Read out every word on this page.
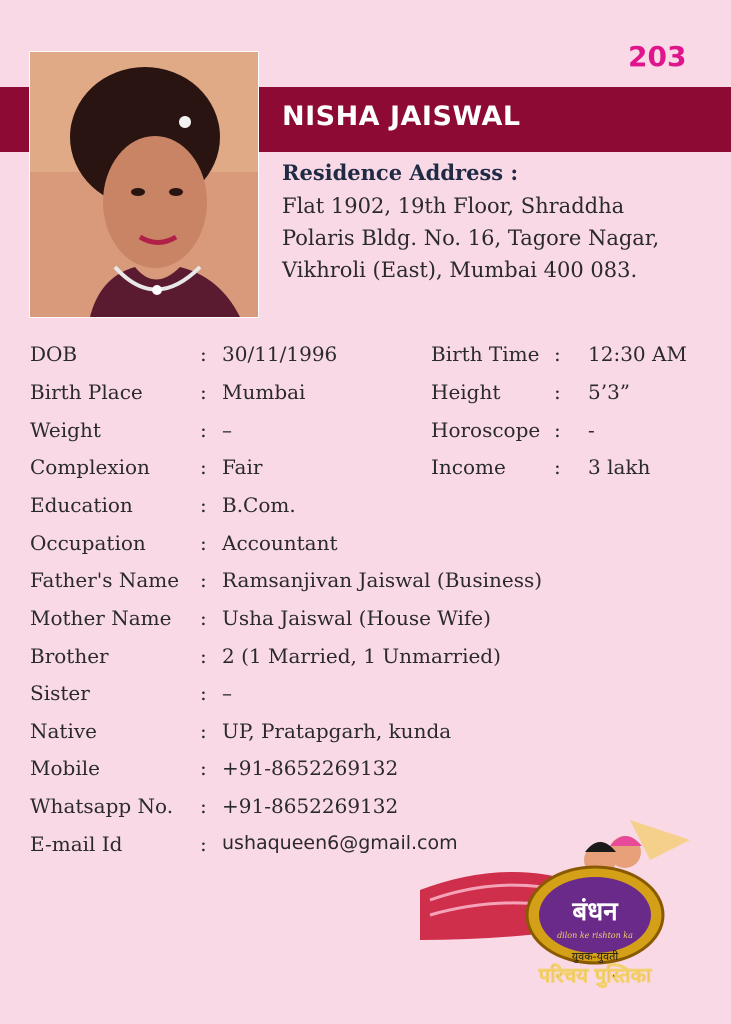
203
NISHA JAISWAL
Residence Address :
Flat 1902, 19th Floor, Shraddha
Polaris Bldg. No. 16, Tagore Nagar,
Vikhroli (East), Mumbai 400 083.
DOB	: 30/11/1996	Birth Time : 12:30 AM
Birth Place	: Mumbai	Height	: 5’3”
Weight	: –	Horoscope : -
Complexion	: Fair	Income : 3 lakh
Education	: B.Com.
Occupation	: Accountant
Father's Name : Ramsanjivan Jaiswal (Business)
Mother Name : Usha Jaiswal (House Wife)
Brother	: 2 (1 Married, 1 Unmarried)
Sister	: –
Native	: UP, Pratapgarh, kunda
Mobile	: +91-8652269132
Whatsapp No. : +91-8652269132
E-mail Id	: ushaqueen6@gmail.com
बंधन
dilon ke rishton ka
युवक-युवती
परिचय पुस्तिका
